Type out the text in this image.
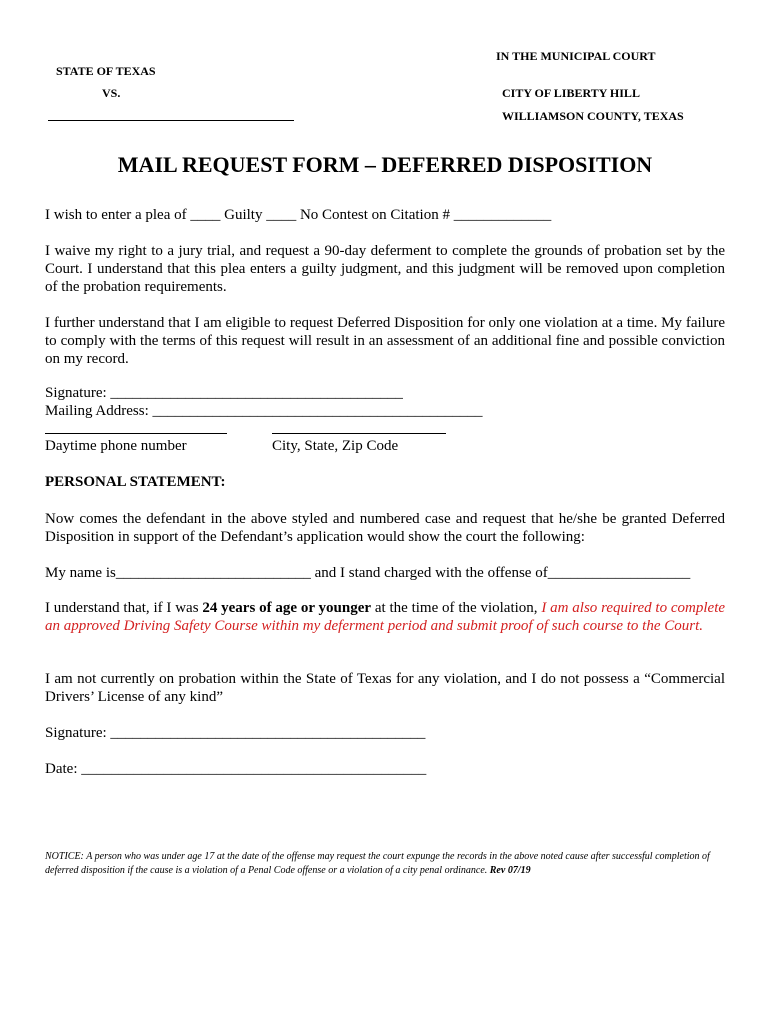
IN THE MUNICIPAL COURT
STATE OF TEXAS
VS.	CITY OF LIBERTY HILL
WILLIAMSON COUNTY, TEXAS
MAIL REQUEST FORM – DEFERRED DISPOSITION
I wish to enter a plea of ____ Guilty ____ No Contest on Citation # _____________
I waive my right to a jury trial, and request a 90-day deferment to complete the grounds of probation set by the Court. I understand that this plea enters a guilty judgment, and this judgment will be removed upon completion of the probation requirements.
I further understand that I am eligible to request Deferred Disposition for only one violation at a time. My failure to comply with the terms of this request will result in an assessment of an additional fine and possible conviction on my record.
Signature: _______________________________________
Mailing Address: ____________________________________________
Daytime phone number	City, State, Zip Code
PERSONAL STATEMENT:
Now comes the defendant in the above styled and numbered case and request that he/she be granted Deferred Disposition in support of the Defendant’s application would show the court the following:
My name is__________________________ and I stand charged with the offense of___________________
I understand that, if I was 24 years of age or younger at the time of the violation, I am also required to complete an approved Driving Safety Course within my deferment period and submit proof of such course to the Court.
I am not currently on probation within the State of Texas for any violation, and I do not possess a “Commercial Drivers’ License of any kind”
Signature: __________________________________________
Date: ______________________________________________
NOTICE: A person who was under age 17 at the date of the offense may request the court expunge the records in the above noted cause after successful completion of deferred disposition if the cause is a violation of a Penal Code offense or a violation of a city penal ordinance. Rev 07/19
